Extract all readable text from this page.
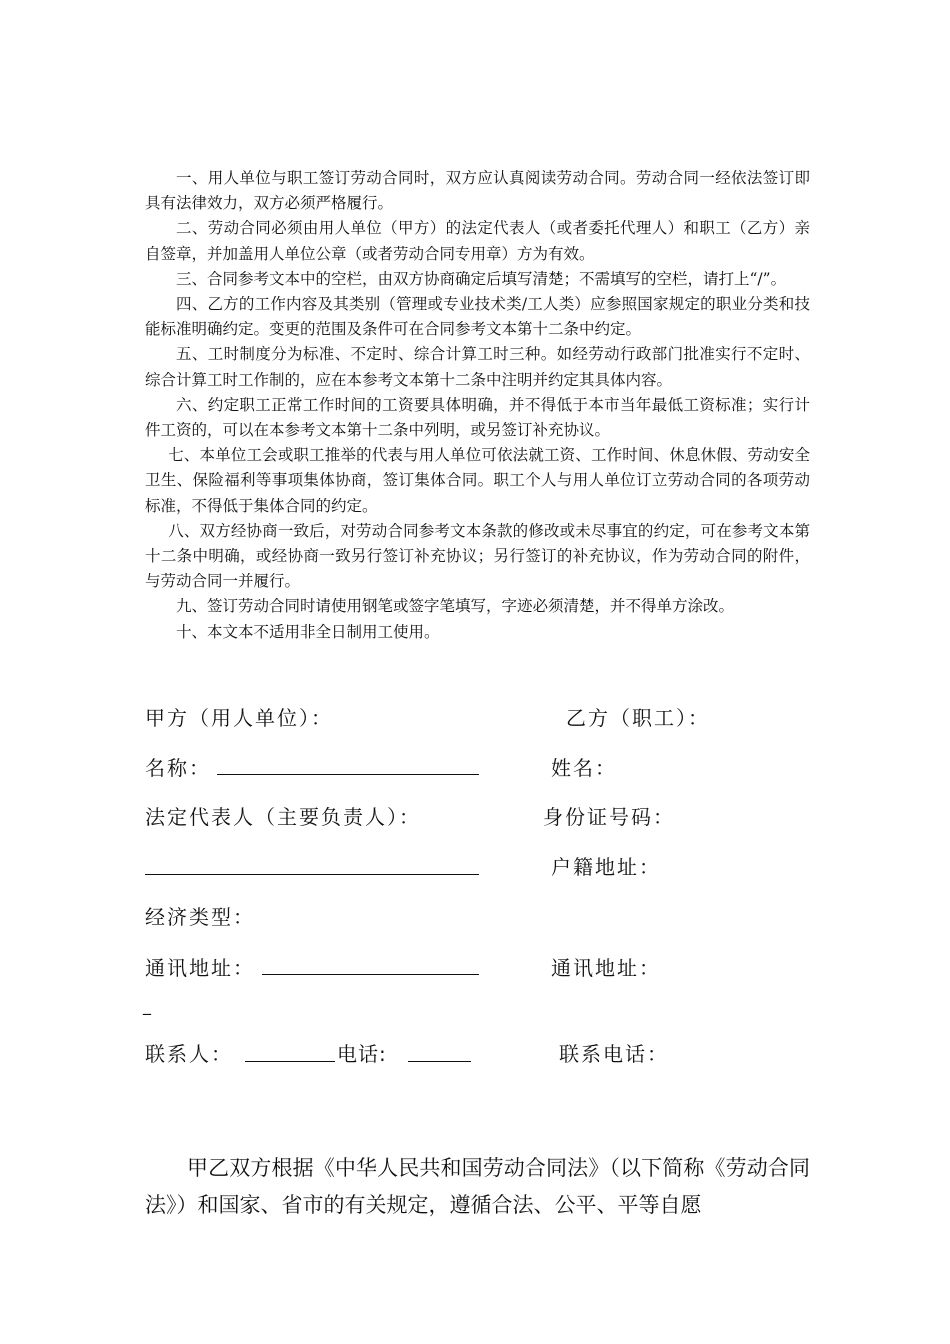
一、用人单位与职工签订劳动合同时，双方应认真阅读劳动合同。劳动合同一经依法签订即具有法律效力，双方必须严格履行。

二、劳动合同必须由用人单位（甲方）的法定代表人（或者委托代理人）和职工（乙方）亲自签章，并加盖用人单位公章（或者劳动合同专用章）方为有效。

三、合同参考文本中的空栏，由双方协商确定后填写清楚；不需填写的空栏，请打上“/”。

四、乙方的工作内容及其类别（管理或专业技术类/工人类）应参照国家规定的职业分类和技能标准明确约定。变更的范围及条件可在合同参考文本第十二条中约定。

五、工时制度分为标准、不定时、综合计算工时三种。如经劳动行政部门批准实行不定时、综合计算工时工作制的，应在本参考文本第十二条中注明并约定其具体内容。

六、约定职工正常工作时间的工资要具体明确，并不得低于本市当年最低工资标准；实行计件工资的，可以在本参考文本第十二条中列明，或另签订补充协议。

七、本单位工会或职工推举的代表与用人单位可依法就工资、工作时间、休息休假、劳动安全卫生、保险福利等事项集体协商，签订集体合同。职工个人与用人单位订立劳动合同的各项劳动标准，不得低于集体合同的约定。

八、双方经协商一致后，对劳动合同参考文本条款的修改或未尽事宜的约定，可在参考文本第十二条中明确，或经协商一致另行签订补充协议；另行签订的补充协议，作为劳动合同的附件，与劳动合同一并履行。

九、签订劳动合同时请使用钢笔或签字笔填写，字迹必须清楚，并不得单方涂改。

十、本文本不适用非全日制用工使用。

甲方（用人单位）：
名称：
法定代表人（主要负责人）：
经济类型：
通讯地址：
_
联系人：	电话:
乙方（职工）：
姓名：
身份证号码：
户籍地址：
通讯地址：
联系电话：

甲乙双方根据《中华人民共和国劳动合同法》（以下简称《劳动合同法》）和国家、省市的有关规定，遵循合法、公平、平等自愿
